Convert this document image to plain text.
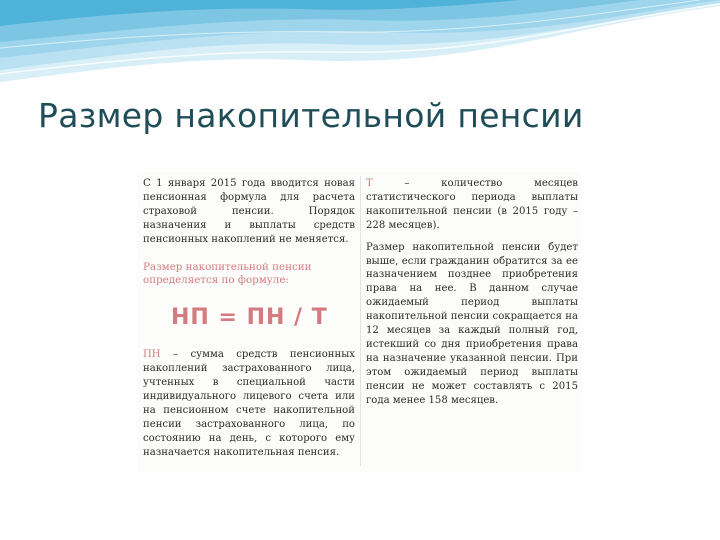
Размер накопительной пенсии

С 1 января 2015 года вводится новая пенсионная формула для расчета страховой пенсии. Порядок назначения и выплаты средств пенсионных накоплений не меняется.

Размер накопительной пенсии определяется по формуле:

НП = ПН / Т

ПН – сумма средств пенсионных накоплений застрахованного лица, учтенных в специальной части индивидуального лицевого счета или на пенсионном счете накопительной пенсии застрахованного лица, по состоянию на день, с которого ему назначается накопительная пенсия.

Т	– количество месяцев статистического периода выплаты накопительной пенсии (в 2015 году – 228 месяцев).

Размер накопительной пенсии будет выше, если гражданин обратится за ее назначением позднее приобретения права на нее. В данном случае ожидаемый период выплаты накопительной пенсии сокращается на 12 месяцев за каждый полный год, истекший со дня приобретения права на назначение указанной пенсии. При этом ожидаемый период выплаты пенсии не может составлять с 2015 года менее 158 месяцев.
